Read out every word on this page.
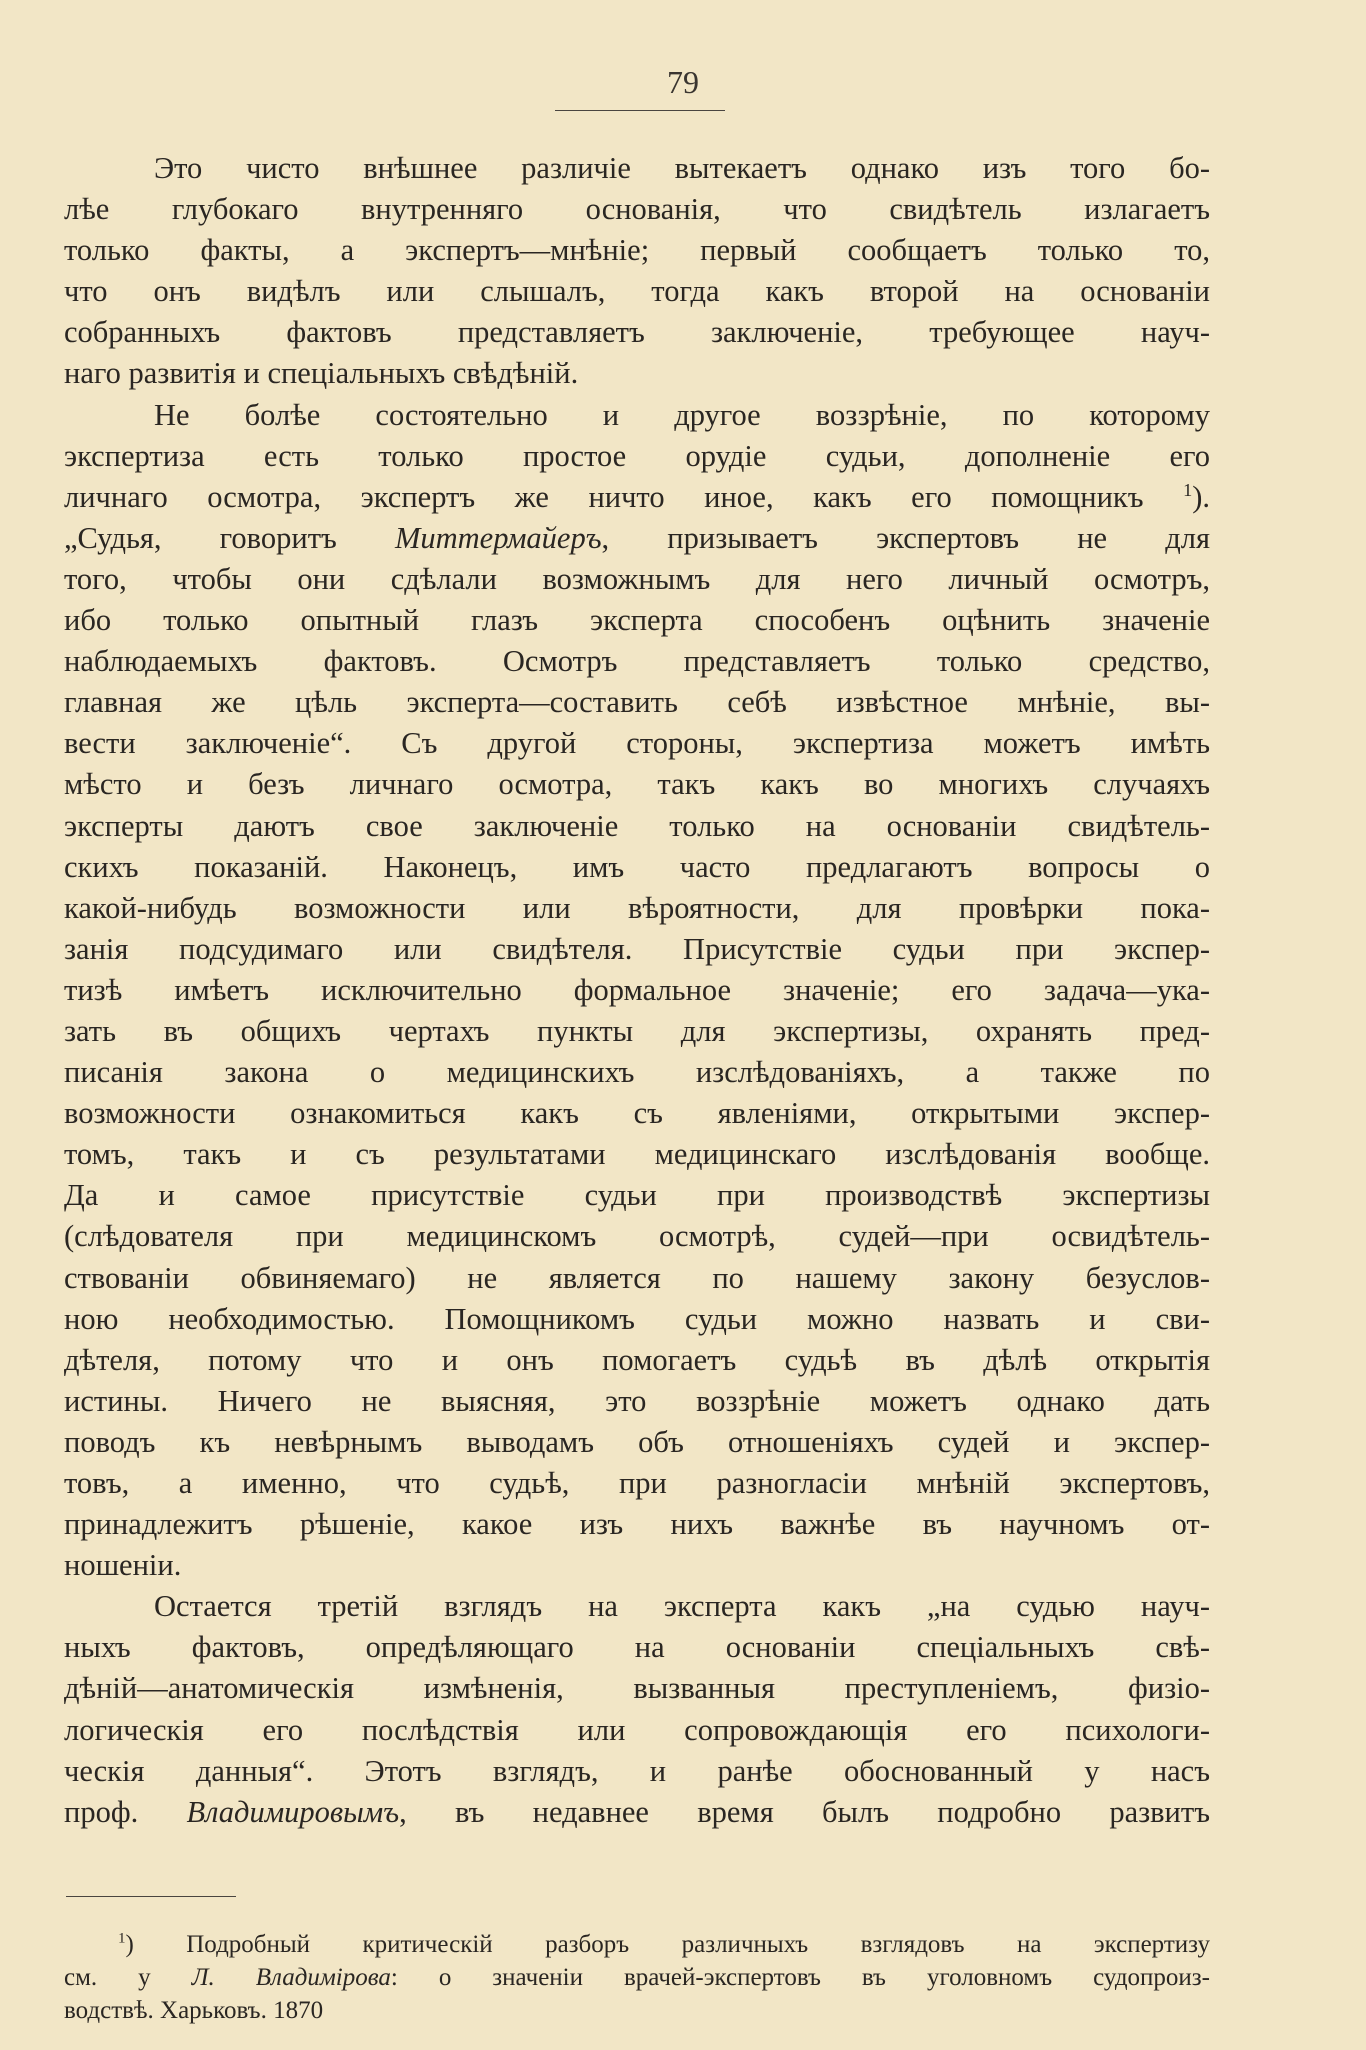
79
Это чисто внѣшнее различіе вытекаетъ однако изъ того бо-
лѣе глубокаго внутренняго основанія, что свидѣтель излагаетъ
только факты, а экспертъ—мнѣніе; первый сообщаетъ только то,
что онъ видѣлъ или слышалъ, тогда какъ второй на основаніи
собранныхъ фактовъ представляетъ заключеніе, требующее науч-
наго развитія и спеціальныхъ свѣдѣній.
Не болѣе состоятельно и другое воззрѣніе, по которому
экспертиза есть только простое орудіе судьи, дополненіе его
личнаго осмотра, экспертъ же ничто иное, какъ его помощникъ $^1$).
„Судья, говоритъ Миттермайеръ, призываетъ экспертовъ не для
того, чтобы они сдѣлали возможнымъ для него личный осмотръ,
ибо только опытный глазъ эксперта способенъ оцѣнить значеніе
наблюдаемыхъ фактовъ. Осмотръ представляетъ только средство,
главная же цѣль эксперта—составить себѣ извѣстное мнѣніе, вы-
вести заключеніе“. Съ другой стороны, экспертиза можетъ имѣть
мѣсто и безъ личнаго осмотра, такъ какъ во многихъ случаяхъ
эксперты даютъ свое заключеніе только на основаніи свидѣтель-
скихъ показаній. Наконецъ, имъ часто предлагаютъ вопросы о
какой-нибудь возможности или вѣроятности, для провѣрки пока-
занія подсудимаго или свидѣтеля. Присутствіе судьи при экспер-
тизѣ имѣетъ исключительно формальное значеніе; его задача—ука-
зать въ общихъ чертахъ пункты для экспертизы, охранять пред-
писанія закона о медицинскихъ изслѣдованіяхъ, а также по
возможности ознакомиться какъ съ явленіями, открытыми экспер-
томъ, такъ и съ результатами медицинскаго изслѣдованія вообще.
Да и самое присутствіе судьи при производствѣ экспертизы
(слѣдователя при медицинскомъ осмотрѣ, судей—при освидѣтель-
ствованіи обвиняемаго) не является по нашему закону безуслов-
ною необходимостью. Помощникомъ судьи можно назвать и сви-
дѣтеля, потому что и онъ помогаетъ судьѣ въ дѣлѣ открытія
истины. Ничего не выясняя, это воззрѣніе можетъ однако дать
поводъ къ невѣрнымъ выводамъ объ отношеніяхъ судей и экспер-
товъ, а именно, что судьѣ, при разногласіи мнѣній экспертовъ,
принадлежитъ рѣшеніе, какое изъ нихъ важнѣе въ научномъ от-
ношеніи.
Остается третій взглядъ на эксперта какъ „на судью науч-
ныхъ фактовъ, опредѣляющаго на основаніи спеціальныхъ свѣ-
дѣній—анатомическія измѣненія, вызванныя преступленіемъ, физіо-
логическія его послѣдствія или сопровождающія его психологи-
ческія данныя“. Этотъ взглядъ, и ранѣе обоснованный у насъ
проф. Владимировымъ, въ недавнее время былъ подробно развитъ
$^1$) Подробный критическій разборъ различныхъ взглядовъ на экспертизу
см. у Л. Владимірова: о значеніи врачей-экспертовъ въ уголовномъ судопроиз-
водствѣ. Харьковъ. 1870
